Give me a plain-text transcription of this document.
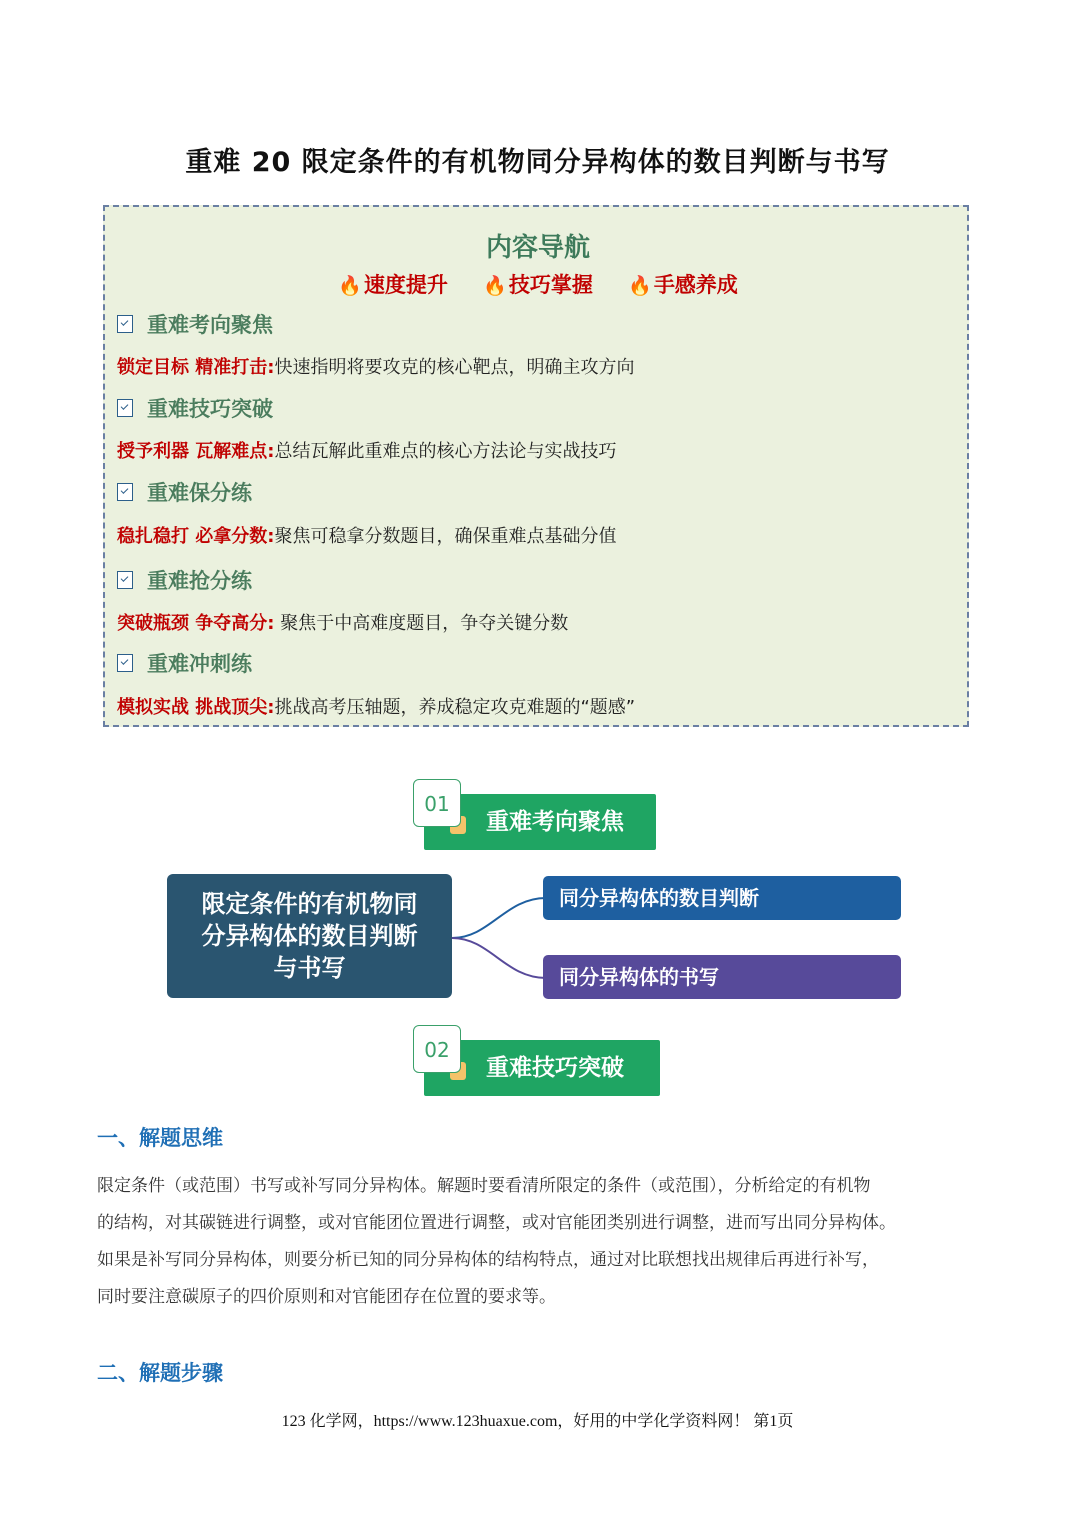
重难 20 限定条件的有机物同分异构体的数目判断与书写
内容导航
🔥速度提升 🔥技巧掌握 🔥手感养成
重难考向聚焦
锁定目标 精准打击:快速指明将要攻克的核心靶点，明确主攻方向
重难技巧突破
授予利器 瓦解难点:总结瓦解此重难点的核心方法论与实战技巧
重难保分练
稳扎稳打 必拿分数:聚焦可稳拿分数题目，确保重难点基础分值
重难抢分练
突破瓶颈 争夺高分: 聚焦于中高难度题目，争夺关键分数
重难冲刺练
模拟实战 挑战顶尖:挑战高考压轴题，养成稳定攻克难题的“题感”
重难考向聚焦
01
限定条件的有机物同
分异构体的数目判断
与书写
同分异构体的数目判断
同分异构体的书写
重难技巧突破
02
一、解题思维
限定条件（或范围）书写或补写同分异构体。解题时要看清所限定的条件（或范围），分析给定的有机物
的结构，对其碳链进行调整，或对官能团位置进行调整，或对官能团类别进行调整，进而写出同分异构体。
如果是补写同分异构体，则要分析已知的同分异构体的结构特点，通过对比联想找出规律后再进行补写，
同时要注意碳原子的四价原则和对官能团存在位置的要求等。
二、解题步骤
123 化学网，https://www.123huaxue.com，好用的中学化学资料网！ 第1页
